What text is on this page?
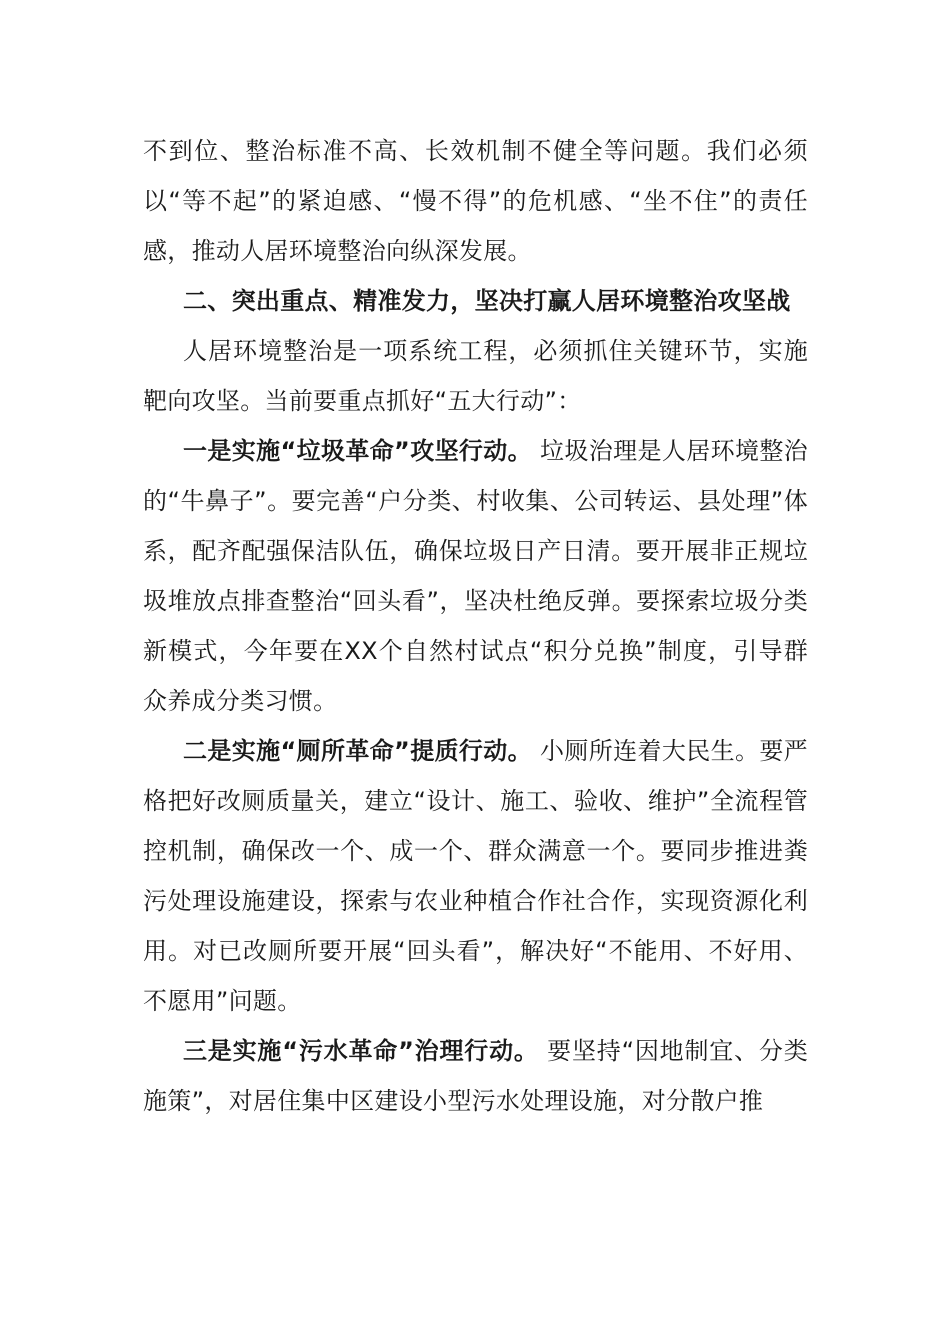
不到位、整治标准不高、长效机制不健全等问题。我们必须以“等不起”的紧迫感、“慢不得”的危机感、“坐不住”的责任感，推动人居环境整治向纵深发展。

二、突出重点、精准发力，坚决打赢人居环境整治攻坚战

人居环境整治是一项系统工程，必须抓住关键环节，实施靶向攻坚。当前要重点抓好“五大行动”：

一是实施“垃圾革命”攻坚行动。 垃圾治理是人居环境整治的“牛鼻子”。要完善“户分类、村收集、公司转运、县处理”体系，配齐配强保洁队伍，确保垃圾日产日清。要开展非正规垃圾堆放点排查整治“回头看”，坚决杜绝反弹。要探索垃圾分类新模式，今年要在XX个自然村试点“积分兑换”制度，引导群众养成分类习惯。

二是实施“厕所革命”提质行动。 小厕所连着大民生。要严格把好改厕质量关，建立“设计、施工、验收、维护”全流程管控机制，确保改一个、成一个、群众满意一个。要同步推进粪污处理设施建设，探索与农业种植合作社合作，实现资源化利用。对已改厕所要开展“回头看”，解决好“不能用、不好用、不愿用”问题。

三是实施“污水革命”治理行动。 要坚持“因地制宜、分类施策”，对居住集中区建设小型污水处理设施，对分散户推
